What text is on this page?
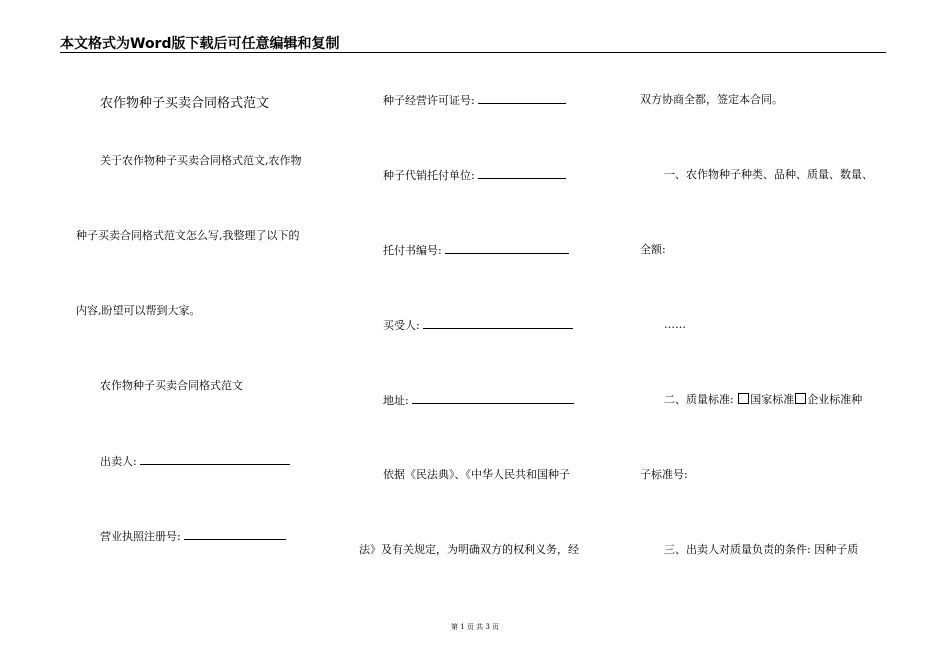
本文格式为Word版下载后可任意编辑和复制
农作物种子买卖合同格式范文
关于农作物种子买卖合同格式范文,农作物
种子买卖合同格式范文怎么写,我整理了以下的
内容,盼望可以帮到大家。
农作物种子买卖合同格式范文
出卖人:
营业执照注册号:
种子经营许可证号:
种子代销托付单位:
托付书编号:
买受人:
地址:
依据《民法典》、《中华人民共和国种子
法》及有关规定，为明确双方的权利义务，经
双方协商全都，签定本合同。
一、农作物种子种类、品种、质量、数量、
全额:
……
二、质量标准: 国家标准 企业标准种
子标准号:
三、出卖人对质量负责的条件: 因种子质
第 1 页 共 3 页
